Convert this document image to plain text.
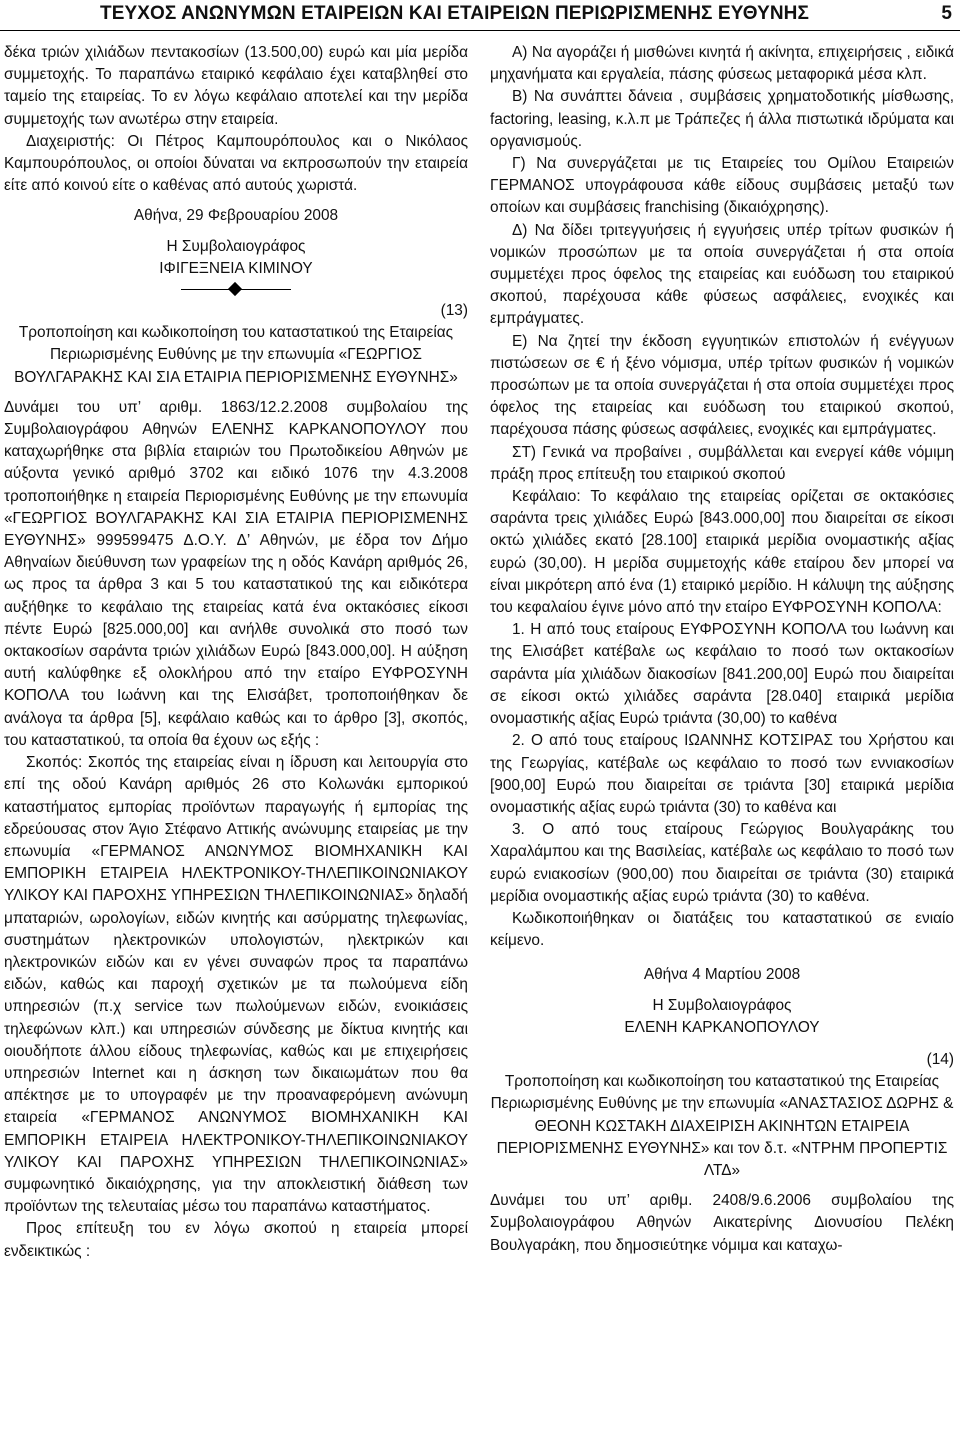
ΤΕΥΧΟΣ ΑΝΩΝΥΜΩΝ ΕΤΑΙΡΕΙΩΝ ΚΑΙ ΕΤΑΙΡΕΙΩΝ ΠΕΡΙΩΡΙΣΜΕΝΗΣ ΕΥΘΥΝΗΣ	5

δέκα τριών χιλιάδων πεντακοσίων (13.500,00) ευρώ και μία μερίδα συμμετοχής. Το παραπάνω εταιρικό κεφάλαιο έχει καταβληθεί στο ταμείο της εταιρείας. Το εν λόγω κεφάλαιο αποτελεί και την μερίδα συμμετοχής των ανωτέρω στην εταιρεία.

Διαχειριστής: Οι Πέτρος Καμπουρόπουλος και ο Νικόλαος Καμπουρόπουλος, οι οποίοι δύναται να εκπροσωπούν την εταιρεία είτε από κοινού είτε ο καθένας από αυτούς χωριστά.

Αθήνα, 29 Φεβρουαρίου 2008

Η Συμβολαιογράφος

ΙΦΙΓΕΞΝΕΙΑ ΚΙΜΙΝΟΥ

(13)

Τροποποίηση και κωδικοποίηση του καταστατικού της Εταιρείας Περιωρισμένης Ευθύνης με την επωνυμία «ΓΕΩΡΓΙΟΣ ΒΟΥΛΓΑΡΑΚΗΣ ΚΑΙ ΣΙΑ ΕΤΑΙΡΙΑ ΠΕΡΙΟΡΙΣΜΕΝΗΣ ΕΥΘΥΝΗΣ»

Δυνάμει του υπ’ αριθμ. 1863/12.2.2008 συμβολαίου της Συμβολαιογράφου Αθηνών ΕΛΕΝΗΣ ΚΑΡΚΑΝΟΠΟΥΛΟΥ που καταχωρήθηκε στα βιβλία εταιριών του Πρωτοδικείου Αθηνών με αύξοντα γενικό αριθμό 3702 και ειδικό 1076 την 4.3.2008 τροποποιήθηκε η εταιρεία Περιορισμένης Ευθύνης με την επωνυμία «ΓΕΩΡΓΙΟΣ ΒΟΥΛΓΑΡΑΚΗΣ ΚΑΙ ΣΙΑ ΕΤΑΙΡΙΑ ΠΕΡΙΟΡΙΣΜΕΝΗΣ ΕΥΘΥΝΗΣ» 999599475 Δ.Ο.Υ. Δ’ Αθηνών, με έδρα τον Δήμο Αθηναίων διεύθυνση των γραφείων της η οδός Κανάρη αριθμός 26, ως προς τα άρθρα 3 και 5 του καταστατικού της και ειδικότερα αυξήθηκε το κεφάλαιο της εταιρείας κατά ένα οκτακόσιες είκοσι πέντε Ευρώ [825.000,00] και ανήλθε συνολικά στο ποσό των οκτακοσίων σαράντα τριών χιλιάδων Ευρώ [843.000,00]. Η αύξηση αυτή καλύφθηκε εξ ολοκλήρου από την εταίρο ΕΥΦΡΟΣΥΝΗ ΚΟΠΟΛΑ του Ιωάννη και της Ελισάβετ, τροποποιήθηκαν δε ανάλογα τα άρθρα [5], κεφάλαιο καθώς και το άρθρο [3], σκοπός, του καταστατικού, τα οποία θα έχουν ως εξής :

Σκοπός: Σκοπός της εταιρείας είναι η ίδρυση και λειτουργία στο επί της οδού Κανάρη αριθμός 26 στο Κολωνάκι εμπορικού καταστήματος εμπορίας προϊόντων παραγωγής ή εμπορίας της εδρεύουσας στον Άγιο Στέφανο Αττικής ανώνυμης εταιρείας με την επωνυμία «ΓΕΡΜΑΝΟΣ ΑΝΩΝΥΜΟΣ ΒΙΟΜΗΧΑΝΙΚΗ ΚΑΙ ΕΜΠΟΡΙΚΗ ΕΤΑΙΡΕΙΑ ΗΛΕΚΤΡΟΝΙΚΟΥ-ΤΗΛΕΠΙΚΟΙΝΩΝΙΑΚΟΥ ΥΛΙΚΟΥ ΚΑΙ ΠΑΡΟΧΗΣ ΥΠΗΡΕΣΙΩΝ ΤΗΛΕΠΙΚΟΙΝΩΝΙΑΣ» δηλαδή μπαταριών, ωρολογίων, ειδών κινητής και ασύρματης τηλεφωνίας, συστημάτων ηλεκτρονικών υπολογιστών, ηλεκτρικών και ηλεκτρονικών ειδών και εν γένει συναφών προς τα παραπάνω ειδών, καθώς και παροχή σχετικών με τα πωλούμενα είδη υπηρεσιών (π.χ service των πωλούμενων ειδών, ενοικιάσεις τηλεφώνων κλπ.) και υπηρεσιών σύνδεσης με δίκτυα κινητής και οιουδήποτε άλλου είδους τηλεφωνίας, καθώς και με επιχειρήσεις υπηρεσιών Internet και η άσκηση των δικαιωμάτων που θα απέκτησε με το υπογραφέν με την προαναφερόμενη ανώνυμη εταιρεία «ΓΕΡΜΑΝΟΣ ΑΝΩΝΥΜΟΣ ΒΙΟΜΗΧΑΝΙΚΗ ΚΑΙ ΕΜΠΟΡΙΚΗ ΕΤΑΙΡΕΙΑ ΗΛΕΚΤΡΟΝΙΚΟΥ-ΤΗΛΕΠΙΚΟΙΝΩΝΙΑΚΟΥ ΥΛΙΚΟΥ ΚΑΙ ΠΑΡΟΧΗΣ ΥΠΗΡΕΣΙΩΝ ΤΗΛΕΠΙΚΟΙΝΩΝΙΑΣ» συμφωνητικό δικαιόχρησης, για την αποκλειστική διάθεση των προϊόντων της τελευταίας μέσω του παραπάνω καταστήματος.

Προς επίτευξη του εν λόγω σκοπού η εταιρεία μπορεί ενδεικτικώς :

Α) Να αγοράζει ή μισθώνει κινητά ή ακίνητα, επιχειρήσεις , ειδικά μηχανήματα και εργαλεία, πάσης φύσεως μεταφορικά μέσα κλπ.

Β) Να συνάπτει δάνεια , συμβάσεις χρηματοδοτικής μίσθωσης, factoring, leasing, κ.λ.π με Τράπεζες ή άλλα πιστωτικά ιδρύματα και οργανισμούς.

Γ) Να συνεργάζεται με τις Εταιρείες του Ομίλου Εταιρειών ΓΕΡΜΑΝΟΣ υπογράφουσα κάθε είδους συμβάσεις μεταξύ των οποίων και συμβάσεις franchising (δικαιόχρησης).

Δ) Να δίδει τριτεγγυήσεις ή εγγυήσεις υπέρ τρίτων φυσικών ή νομικών προσώπων με τα οποία συνεργάζεται ή στα οποία συμμετέχει προς όφελος της εταιρείας και ευόδωση του εταιρικού σκοπού, παρέχουσα κάθε φύσεως ασφάλειες, ενοχικές και εμπράγματες.

Ε) Να ζητεί την έκδοση εγγυητικών επιστολών ή ενέγγυων πιστώσεων σε € ή ξένο νόμισμα, υπέρ τρίτων φυσικών ή νομικών προσώπων με τα οποία συνεργάζεται ή στα οποία συμμετέχει προς όφελος της εταιρείας και ευόδωση του εταιρικού σκοπού, παρέχουσα πάσης φύσεως ασφάλειες, ενοχικές και εμπράγματες.

ΣΤ) Γενικά να προβαίνει , συμβάλλεται και ενεργεί κάθε νόμιμη πράξη προς επίτευξη του εταιρικού σκοπού

Κεφάλαιο: Το κεφάλαιο της εταιρείας ορίζεται σε οκτακόσιες σαράντα τρεις χιλιάδες Ευρώ [843.000,00] που διαιρείται σε είκοσι οκτώ χιλιάδες εκατό [28.100] εταιρικά μερίδια ονομαστικής αξίας ευρώ (30,00). Η μερίδα συμμετοχής κάθε εταίρου δεν μπορεί να είναι μικρότερη από ένα (1) εταιρικό μερίδιο. Η κάλυψη της αύξησης του κεφαλαίου έγινε μόνο από την εταίρο ΕΥΦΡΟΣΥΝΗ ΚΟΠΟΛΑ:

1. Η από τους εταίρους ΕΥΦΡΟΣΥΝΗ ΚΟΠΟΛΑ του Ιωάννη και της Ελισάβετ κατέβαλε ως κεφάλαιο το ποσό των οκτακοσίων σαράντα μία χιλιάδων διακοσίων [841.200,00] Ευρώ που διαιρείται σε είκοσι οκτώ χιλιάδες σαράντα [28.040] εταιρικά μερίδια ονομαστικής αξίας Ευρώ τριάντα (30,00) το καθένα

2. Ο από τους εταίρους ΙΩΑΝΝΗΣ ΚΟΤΣΙΡΑΣ του Χρήστου και της Γεωργίας, κατέβαλε ως κεφάλαιο το ποσό των εννιακοσίων [900,00] Ευρώ που διαιρείται σε τριάντα [30] εταιρικά μερίδια ονομαστικής αξίας ευρώ τριάντα (30) το καθένα και

3. Ο από τους εταίρους Γεώργιος Βουλγαράκης του Χαραλάμπου και της Βασιλείας, κατέβαλε ως κεφάλαιο το ποσό των ευρώ ενιακοσίων (900,00) που διαιρείται σε τριάντα (30) εταιρικά μερίδια ονομαστικής αξίας ευρώ τριάντα (30) το καθένα.

Κωδικοποιήθηκαν οι διατάξεις του καταστατικού σε ενιαίο κείμενο.

Αθήνα 4 Μαρτίου 2008

Η Συμβολαιογράφος

ΕΛΕΝΗ ΚΑΡΚΑΝΟΠΟΥΛΟΥ

(14)

Τροποποίηση και κωδικοποίηση του καταστατικού της Εταιρείας Περιωρισμένης Ευθύνης με την επωνυμία «ΑΝΑΣΤΑΣΙΟΣ ΔΩΡΗΣ & ΘΕΟΝΗ ΚΩΣΤΑΚΗ ΔΙΑΧΕΙΡΙΣΗ ΑΚΙΝΗΤΩΝ ΕΤΑΙΡΕΙΑ ΠΕΡΙΟΡΙΣΜΕΝΗΣ ΕΥΘΥΝΗΣ» και τον δ.τ. «ΝΤΡΗΜ ΠΡΟΠΕΡΤΙΣ ΛΤΔ»

Δυνάμει του υπ’ αριθμ. 2408/9.6.2006 συμβολαίου της Συμβολαιογράφου Αθηνών Αικατερίνης Διονυσίου Πελέκη Βουλγαράκη, που δημοσιεύτηκε νόμιμα και καταχω-
